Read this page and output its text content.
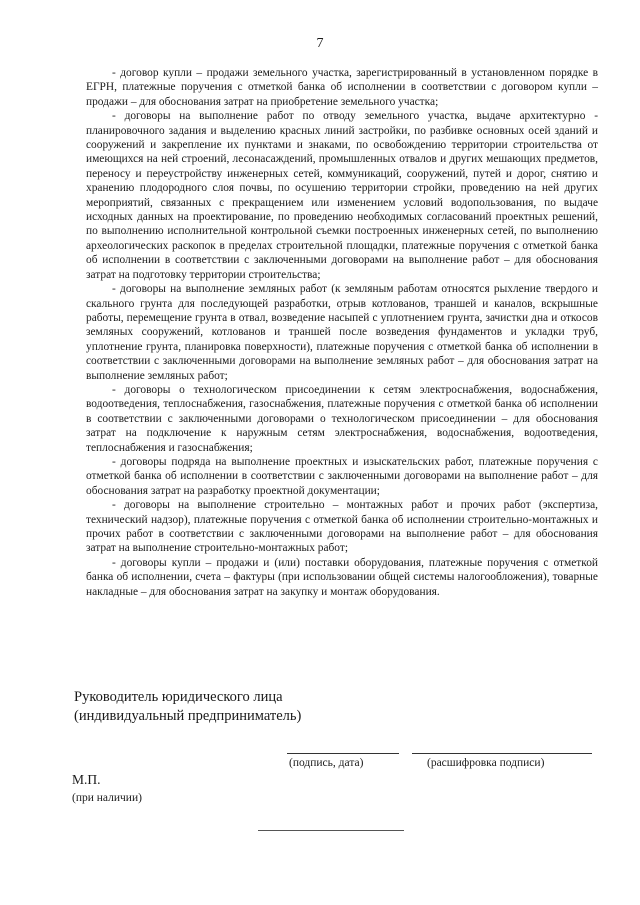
7

- договор купли – продажи земельного участка, зарегистрированный в установленном порядке в ЕГРН, платежные поручения с отметкой банка об исполнении в соответствии с договором купли – продажи – для обоснования затрат на приобретение земельного участка;

- договоры на выполнение работ по отводу земельного участка, выдаче архитектурно - планировочного задания и выделению красных линий застройки, по разбивке основных осей зданий и сооружений и закрепление их пунктами и знаками, по освобождению территории строительства от имеющихся на ней строений, лесонасаждений, промышленных отвалов и других мешающих предметов, переносу и переустройству инженерных сетей, коммуникаций, сооружений, путей и дорог, снятию и хранению плодородного слоя почвы, по осушению территории стройки, проведению на ней других мероприятий, связанных с прекращением или изменением условий водопользования, по выдаче исходных данных на проектирование, по проведению необходимых согласований проектных решений, по выполнению исполнительной контрольной съемки построенных инженерных сетей, по выполнению археологических раскопок в пределах строительной площадки, платежные поручения с отметкой банка об исполнении в соответствии с заключенными договорами на выполнение работ – для обоснования затрат на подготовку территории строительства;

- договоры на выполнение земляных работ (к земляным работам относятся рыхление твердого и скального грунта для последующей разработки, отрыв котлованов, траншей и каналов, вскрышные работы, перемещение грунта в отвал, возведение насыпей с уплотнением грунта, зачистки дна и откосов земляных сооружений, котлованов и траншей после возведения фундаментов и укладки труб, уплотнение грунта, планировка поверхности), платежные поручения с отметкой банка об исполнении в соответствии с заключенными договорами на выполнение земляных работ – для обоснования затрат на выполнение земляных работ;

- договоры о технологическом присоединении к сетям электроснабжения, водоснабжения, водоотведения, теплоснабжения, газоснабжения, платежные поручения с отметкой банка об исполнении в соответствии с заключенными договорами о технологическом присоединении – для обоснования затрат на подключение к наружным сетям электроснабжения, водоснабжения, водоотведения, теплоснабжения и газоснабжения;

- договоры подряда на выполнение проектных и изыскательских работ, платежные поручения с отметкой банка об исполнении в соответствии с заключенными договорами на выполнение работ – для обоснования затрат на разработку проектной документации;

- договоры на выполнение строительно – монтажных работ и прочих работ (экспертиза, технический надзор), платежные поручения с отметкой банка об исполнении строительно-монтажных и прочих работ в соответствии с заключенными договорами на выполнение работ – для обоснования затрат на выполнение строительно-монтажных работ;

- договоры купли – продажи и (или) поставки оборудования, платежные поручения с отметкой банка об исполнении, счета – фактуры (при использовании общей системы налогообложения), товарные накладные – для обоснования затрат на закупку и монтаж оборудования.

Руководитель юридического лица
(индивидуальный предприниматель)
(подпись, дата)	(расшифровка подписи)
М.П.
(при наличии)
